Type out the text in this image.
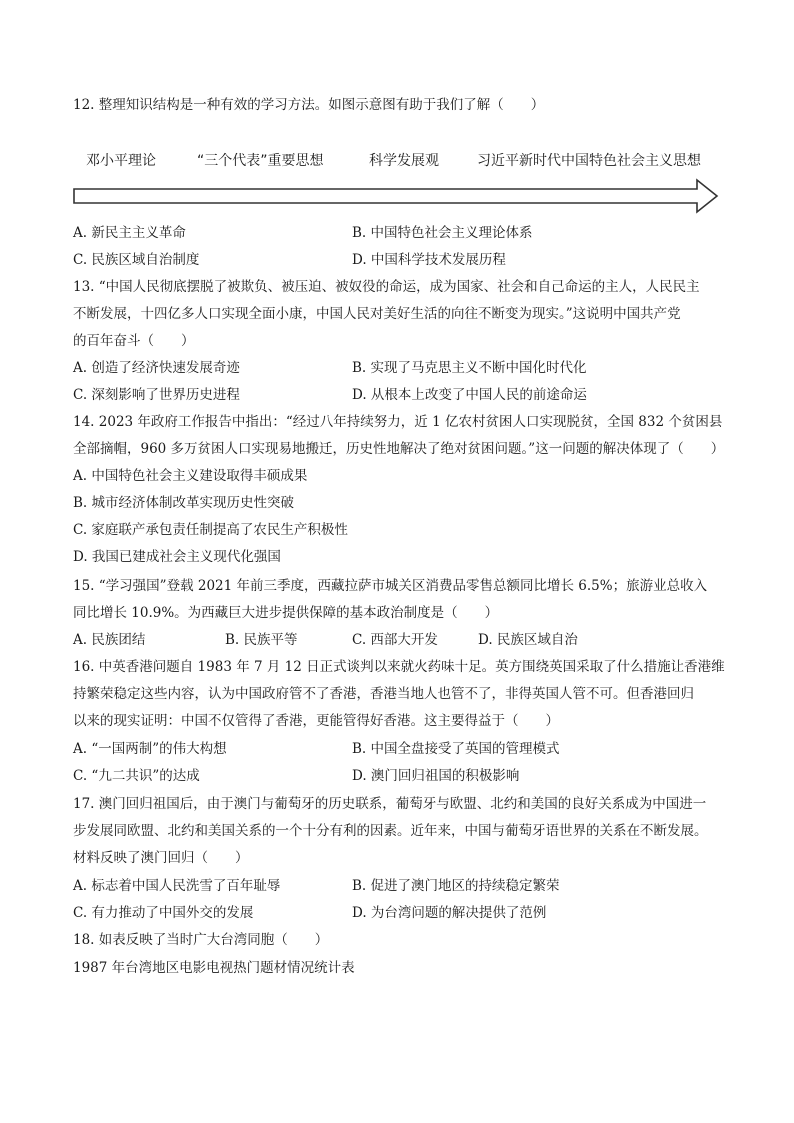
12. 整理知识结构是一种有效的学习方法。如图示意图有助于我们了解（　　）
邓小平理论	“三个代表”重要思想	科学发展观	习近平新时代中国特色社会主义思想
A. 新民主主义革命	B. 中国特色社会主义理论体系
C. 民族区域自治制度	D. 中国科学技术发展历程
13. “中国人民彻底摆脱了被欺负、被压迫、被奴役的命运，成为国家、社会和自己命运的主人，人民民主
不断发展，十四亿多人口实现全面小康，中国人民对美好生活的向往不断变为现实。”这说明中国共产党
的百年奋斗（　　）
A. 创造了经济快速发展奇迹	B. 实现了马克思主义不断中国化时代化
C. 深刻影响了世界历史进程	D. 从根本上改变了中国人民的前途命运
14. 2023 年政府工作报告中指出：“经过八年持续努力，近 1 亿农村贫困人口实现脱贫，全国 832 个贫困县
全部摘帽，960 多万贫困人口实现易地搬迁，历史性地解决了绝对贫困问题。”这一问题的解决体现了（　　）
A. 中国特色社会主义建设取得丰硕成果
B. 城市经济体制改革实现历史性突破
C. 家庭联产承包责任制提高了农民生产积极性
D. 我国已建成社会主义现代化强国
15. “学习强国”登载 2021 年前三季度，西藏拉萨市城关区消费品零售总额同比增长 6.5%；旅游业总收入
同比增长 10.9%。为西藏巨大进步提供保障的基本政治制度是（　　）
A. 民族团结	B. 民族平等	C. 西部大开发	D. 民族区域自治
16. 中英香港问题自 1983 年 7 月 12 日正式谈判以来就火药味十足。英方围绕英国采取了什么措施让香港维
持繁荣稳定这些内容，认为中国政府管不了香港，香港当地人也管不了，非得英国人管不可。但香港回归
以来的现实证明：中国不仅管得了香港，更能管得好香港。这主要得益于（　　）
A. “一国两制”的伟大构想	B. 中国全盘接受了英国的管理模式
C. “九二共识”的达成	D. 澳门回归祖国的积极影响
17. 澳门回归祖国后，由于澳门与葡萄牙的历史联系，葡萄牙与欧盟、北约和美国的良好关系成为中国进一
步发展同欧盟、北约和美国关系的一个十分有利的因素。近年来，中国与葡萄牙语世界的关系在不断发展。
材料反映了澳门回归（　　）
A. 标志着中国人民洗雪了百年耻辱	B. 促进了澳门地区的持续稳定繁荣
C. 有力推动了中国外交的发展	D. 为台湾问题的解决提供了范例
18. 如表反映了当时广大台湾同胞（　　）
1987 年台湾地区电影电视热门题材情况统计表
